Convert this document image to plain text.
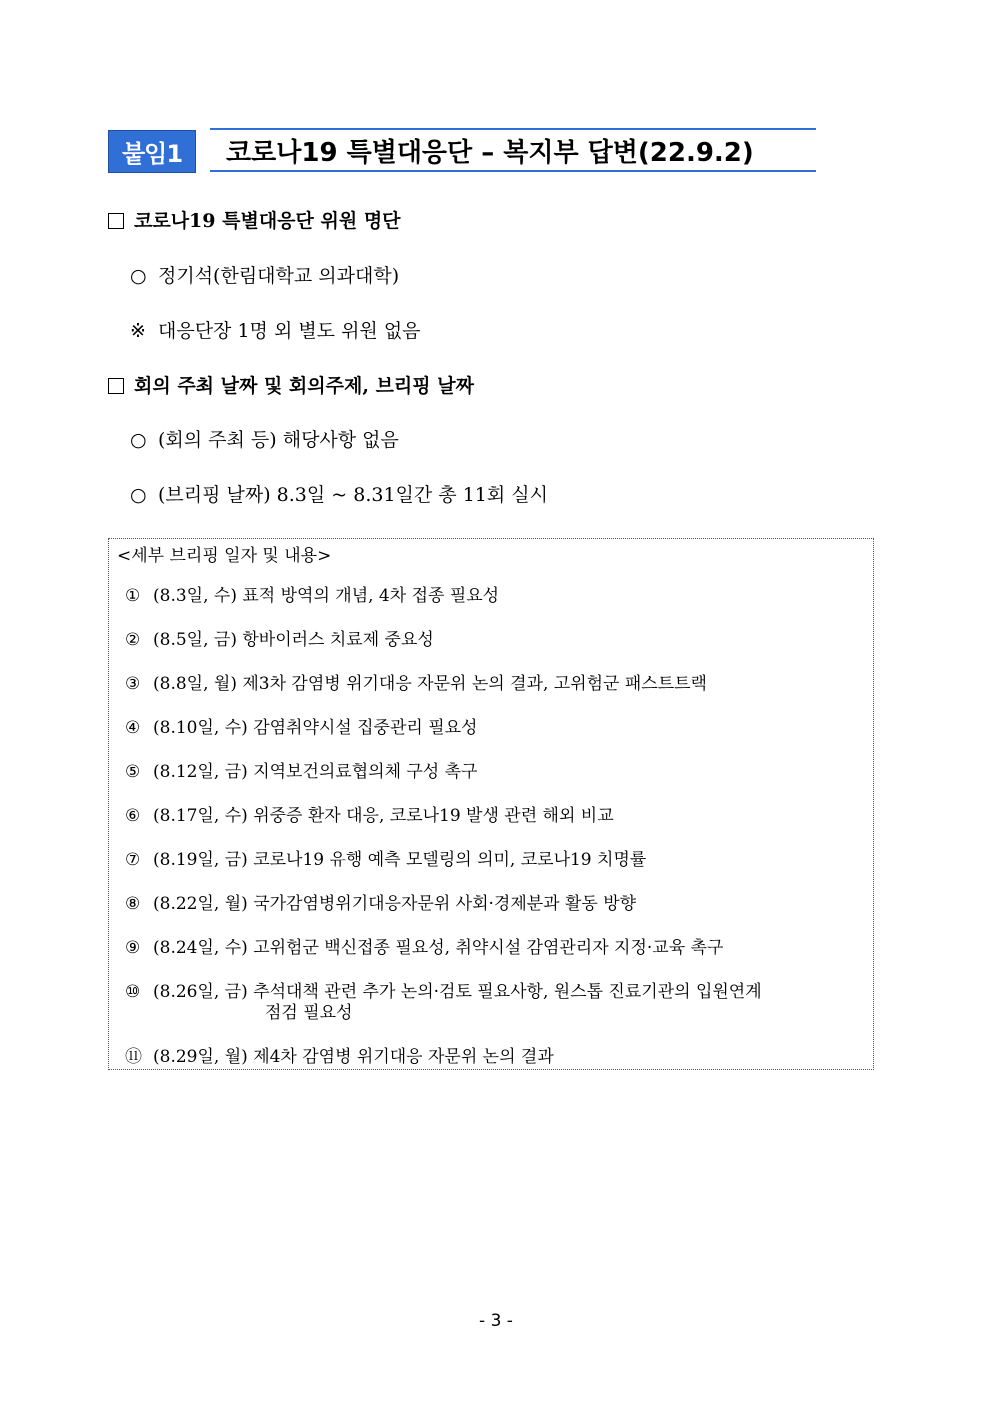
붙임1	코로나19 특별대응단 – 복지부 답변(22.9.2)
코로나19 특별대응단 위원 명단
○ 정기석(한림대학교 의과대학)
※ 대응단장 1명 외 별도 위원 없음
회의 주최 날짜 및 회의주제, 브리핑 날짜
○ (회의 주최 등) 해당사항 없음
○ (브리핑 날짜) 8.3일 ~ 8.31일간 총 11회 실시
<세부 브리핑 일자 및 내용>
① (8.3일, 수) 표적 방역의 개념, 4차 접종 필요성
② (8.5일, 금) 항바이러스 치료제 중요성
③ (8.8일, 월) 제3차 감염병 위기대응 자문위 논의 결과, 고위험군 패스트트랙
④ (8.10일, 수) 감염취약시설 집중관리 필요성
⑤ (8.12일, 금) 지역보건의료협의체 구성 촉구
⑥ (8.17일, 수) 위중증 환자 대응, 코로나19 발생 관련 해외 비교
⑦ (8.19일, 금) 코로나19 유행 예측 모델링의 의미, 코로나19 치명률
⑧ (8.22일, 월) 국가감염병위기대응자문위 사회·경제분과 활동 방향
⑨ (8.24일, 수) 고위험군 백신접종 필요성, 취약시설 감염관리자 지정·교육 촉구
⑩ (8.26일, 금) 추석대책 관련 추가 논의·검토 필요사항, 원스톱 진료기관의 입원연계
점검 필요성
⑪ (8.29일, 월) 제4차 감염병 위기대응 자문위 논의 결과
- 3 -
